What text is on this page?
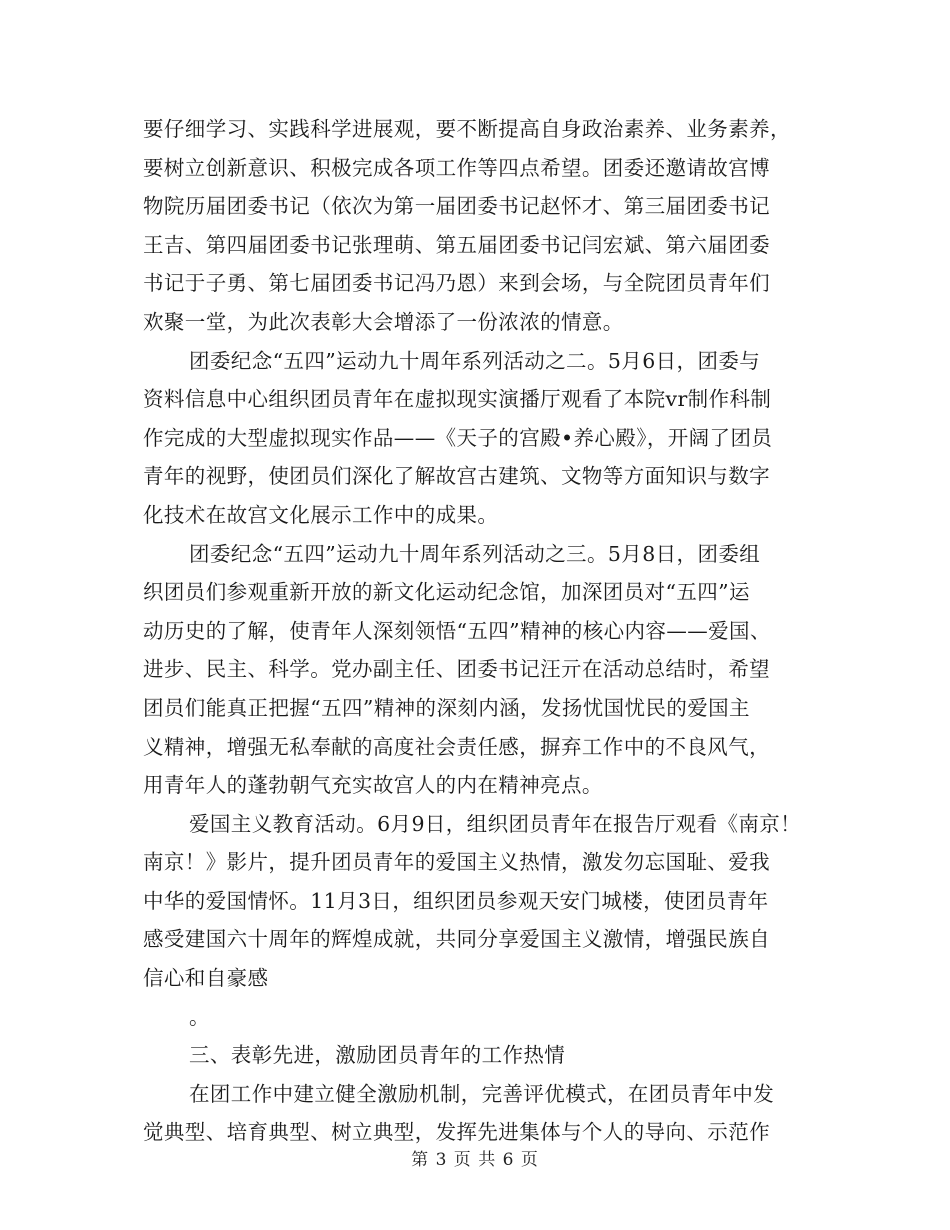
要仔细学习、实践科学进展观，要不断提高自身政治素养、业务素养，
要树立创新意识、积极完成各项工作等四点希望。团委还邀请故宫博
物院历届团委书记（依次为第一届团委书记赵怀才、第三届团委书记
王吉、第四届团委书记张理萌、第五届团委书记闫宏斌、第六届团委
书记于子勇、第七届团委书记冯乃恩）来到会场，与全院团员青年们
欢聚一堂，为此次表彰大会增添了一份浓浓的情意。
团委纪念“五四”运动九十周年系列活动之二。5月6日，团委与
资料信息中心组织团员青年在虚拟现实演播厅观看了本院vr制作科制
作完成的大型虚拟现实作品——《天子的宫殿•养心殿》，开阔了团员
青年的视野，使团员们深化了解故宫古建筑、文物等方面知识与数字
化技术在故宫文化展示工作中的成果。
团委纪念“五四”运动九十周年系列活动之三。5月8日，团委组
织团员们参观重新开放的新文化运动纪念馆，加深团员对“五四”运
动历史的了解，使青年人深刻领悟“五四”精神的核心内容——爱国、
进步、民主、科学。党办副主任、团委书记汪亓在活动总结时，希望
团员们能真正把握“五四”精神的深刻内涵，发扬忧国忧民的爱国主
义精神，增强无私奉献的高度社会责任感，摒弃工作中的不良风气，
用青年人的蓬勃朝气充实故宫人的内在精神亮点。
爱国主义教育活动。6月9日，组织团员青年在报告厅观看《南京！
南京！》影片，提升团员青年的爱国主义热情，激发勿忘国耻、爱我
中华的爱国情怀。11月3日，组织团员参观天安门城楼，使团员青年
感受建国六十周年的辉煌成就，共同分享爱国主义激情，增强民族自
信心和自豪感
。
三、表彰先进，激励团员青年的工作热情
在团工作中建立健全激励机制，完善评优模式，在团员青年中发
觉典型、培育典型、树立典型，发挥先进集体与个人的导向、示范作
第 3 页 共 6 页
